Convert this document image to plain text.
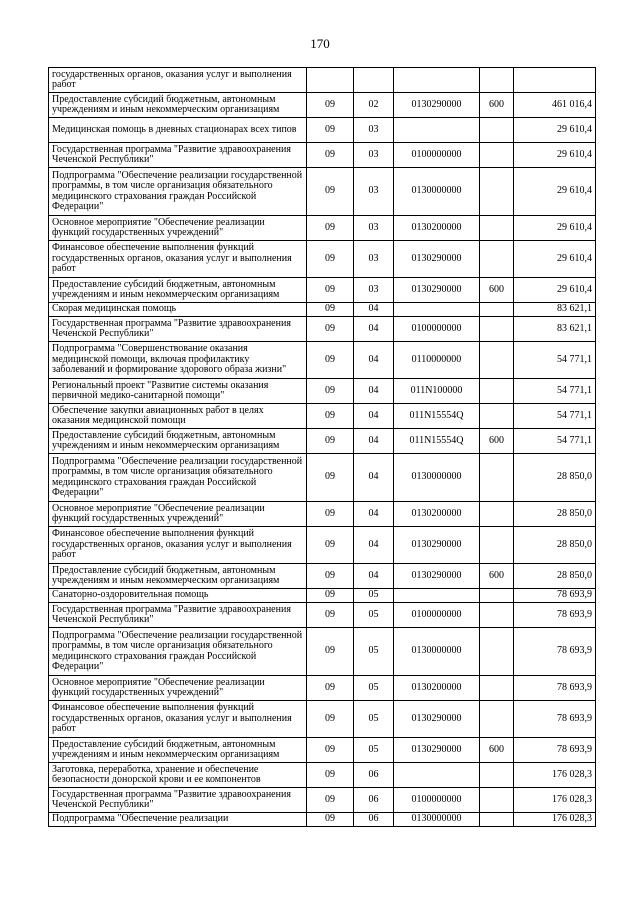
170
государственных органов, оказания услуг и выполнения работ					
Предоставление субсидий бюджетным, автономным учреждениям и иным некоммерческим организациям	09	02	0130290000	600	461 016,4
Медицинская помощь в дневных стационарах всех типов	09	03			29 610,4
Государственная программа "Развитие здравоохранения Чеченской Республики"	09	03	0100000000		29 610,4
Подпрограмма "Обеспечение реализации государственной программы, в том числе организация обязательного медицинского страхования граждан Российской Федерации"	09	03	0130000000		29 610,4
Основное мероприятие "Обеспечение реализации функций государственных учреждений"	09	03	0130200000		29 610,4
Финансовое обеспечение выполнения функций государственных органов, оказания услуг и выполнения работ	09	03	0130290000		29 610,4
Предоставление субсидий бюджетным, автономным учреждениям и иным некоммерческим организациям	09	03	0130290000	600	29 610,4
Скорая медицинская помощь	09	04			83 621,1
Государственная программа "Развитие здравоохранения Чеченской Республики"	09	04	0100000000		83 621,1
Подпрограмма "Совершенствование оказания медицинской помощи, включая профилактику заболеваний и формирование здорового образа жизни"	09	04	0110000000		54 771,1
Региональный проект "Развитие системы оказания первичной медико-санитарной помощи"	09	04	011N100000		54 771,1
Обеспечение закупки авиационных работ в целях оказания медицинской помощи	09	04	011N15554Q		54 771,1
Предоставление субсидий бюджетным, автономным учреждениям и иным некоммерческим организациям	09	04	011N15554Q	600	54 771,1
Подпрограмма "Обеспечение реализации государственной программы, в том числе организация обязательного медицинского страхования граждан Российской Федерации"	09	04	0130000000		28 850,0
Основное мероприятие "Обеспечение реализации функций государственных учреждений"	09	04	0130200000		28 850,0
Финансовое обеспечение выполнения функций государственных органов, оказания услуг и выполнения работ	09	04	0130290000		28 850,0
Предоставление субсидий бюджетным, автономным учреждениям и иным некоммерческим организациям	09	04	0130290000	600	28 850,0
Санаторно-оздоровительная помощь	09	05			78 693,9
Государственная программа "Развитие здравоохранения Чеченской Республики"	09	05	0100000000		78 693,9
Подпрограмма "Обеспечение реализации государственной программы, в том числе организация обязательного медицинского страхования граждан Российской Федерации"	09	05	0130000000		78 693,9
Основное мероприятие "Обеспечение реализации функций государственных учреждений"	09	05	0130200000		78 693,9
Финансовое обеспечение выполнения функций государственных органов, оказания услуг и выполнения работ	09	05	0130290000		78 693,9
Предоставление субсидий бюджетным, автономным учреждениям и иным некоммерческим организациям	09	05	0130290000	600	78 693,9
Заготовка, переработка, хранение и обеспечение безопасности донорской крови и ее компонентов	09	06			176 028,3
Государственная программа "Развитие здравоохранения Чеченской Республики"	09	06	0100000000		176 028,3
Подпрограмма "Обеспечение реализации	09	06	0130000000		176 028,3
